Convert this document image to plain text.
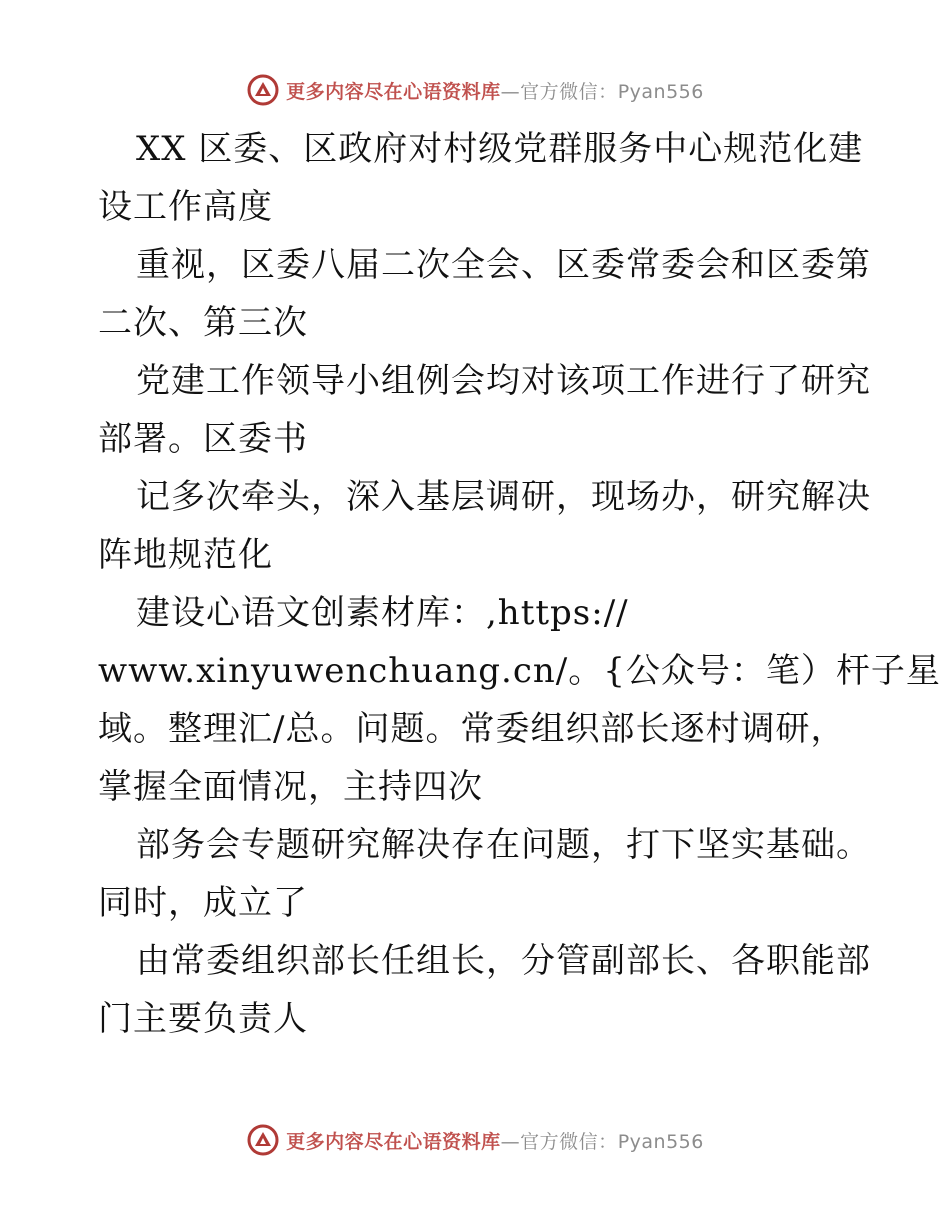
更多内容尽在心语资料库—官方微信：Pyan556
XX 区委、区政府对村级党群服务中心规范化建
设工作高度
重视，区委八届二次全会、区委常委会和区委第
二次、第三次
党建工作领导小组例会均对该项工作进行了研究
部署。区委书
记多次牵头，深入基层调研，现场办，研究解决
阵地规范化
建设心语文创素材库：,https://
www.xinyuwenchuang.cn/。{公众号：笔）杆子星
域。整理汇/总。问题。常委组织部长逐村调研，
掌握全面情况，主持四次
部务会专题研究解决存在问题，打下坚实基础。
同时，成立了
由常委组织部长任组长，分管副部长、各职能部
门主要负责人
更多内容尽在心语资料库—官方微信：Pyan556
